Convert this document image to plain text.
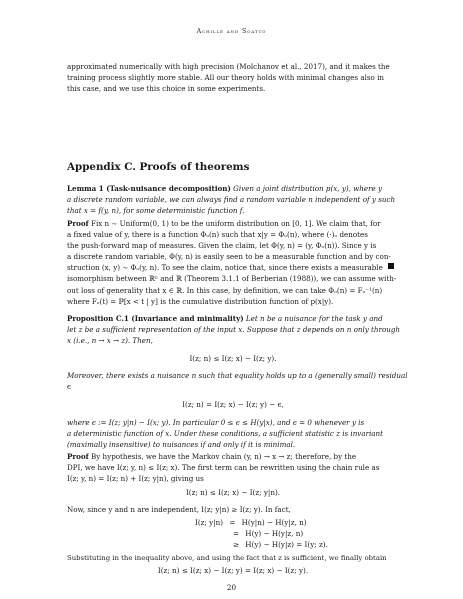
Achille and Soatto
approximated numerically with high precision (Molchanov et al., 2017), and it makes the
training process slightly more stable. All our theory holds with minimal changes also in
this case, and we use this choice in some experiments.
Appendix C. Proofs of theorems
Lemma 1 (Task-nuisance decomposition) Given a joint distribution p(x, y), where y
a discrete random variable, we can always find a random variable n independent of y such
that x = f(y, n), for some deterministic function f.
Proof Fix n ∼ Uniform(0, 1) to be the uniform distribution on [0, 1]. We claim that, for
a fixed value of y, there is a function Φₒ(n) such that x|y = Φₒ(n), where (·)ₒ denotes
the push-forward map of measures. Given the claim, let Φ(y, n) = (y, Φₒ(n)). Since y is
a discrete random variable, Φ(y, n) is easily seen to be a measurable function and by con-
struction (x, y) ∼ Φₒ(y, n). To see the claim, notice that, since there exists a measurable
isomorphism between ℝⁿ and ℝ (Theorem 3.1.1 of Berberian (1988)), we can assume with-
out loss of generality that x ∈ ℝ. In this case, by definition, we can take Φₒ(n) = Fₒ⁻¹(n)
where Fₒ(t) = ℙ[x < t | y] is the cumulative distribution function of p(x|y).
Proposition C.1 (Invariance and minimality) Let n be a nuisance for the task y and
let z be a sufficient representation of the input x. Suppose that z depends on n only through
x (i.e., n → x → z). Then,
I(z; n) ≤ I(z; x) − I(z; y).
Moreover, there exists a nuisance n such that equality holds up to a (generally small) residual
ϵ
I(z; n) = I(z; x) − I(z; y) − ϵ,
where ϵ := I(z; y|n) − I(x; y). In particular 0 ≤ ϵ ≤ H(y|x), and ϵ = 0 whenever y is
a deterministic function of x. Under these conditions, a sufficient statistic z is invariant
(maximally insensitive) to nuisances if and only if it is minimal.
Proof By hypothesis, we have the Markov chain (y, n) → x → z; therefore, by the
DPI, we have I(z; y, n) ≤ I(z; x). The first term can be rewritten using the chain rule as
I(z; y, n) = I(z; n) + I(z; y|n), giving us
I(z; n) ≤ I(z; x) − I(z; y|n).
Now, since y and n are independent, I(z; y|n) ≥ I(z; y). In fact,
I(z; y|n) = H(y|n) − H(y|z, n)
= H(y) − H(y|z, n)
≥ H(y) − H(y|z) = I(y; z).
20
Substituting in the inequality above, and using the fact that z is sufficient, we finally obtain
I(z; n) ≤ I(z; x) − I(z; y) = I(z; x) − I(z; y).
